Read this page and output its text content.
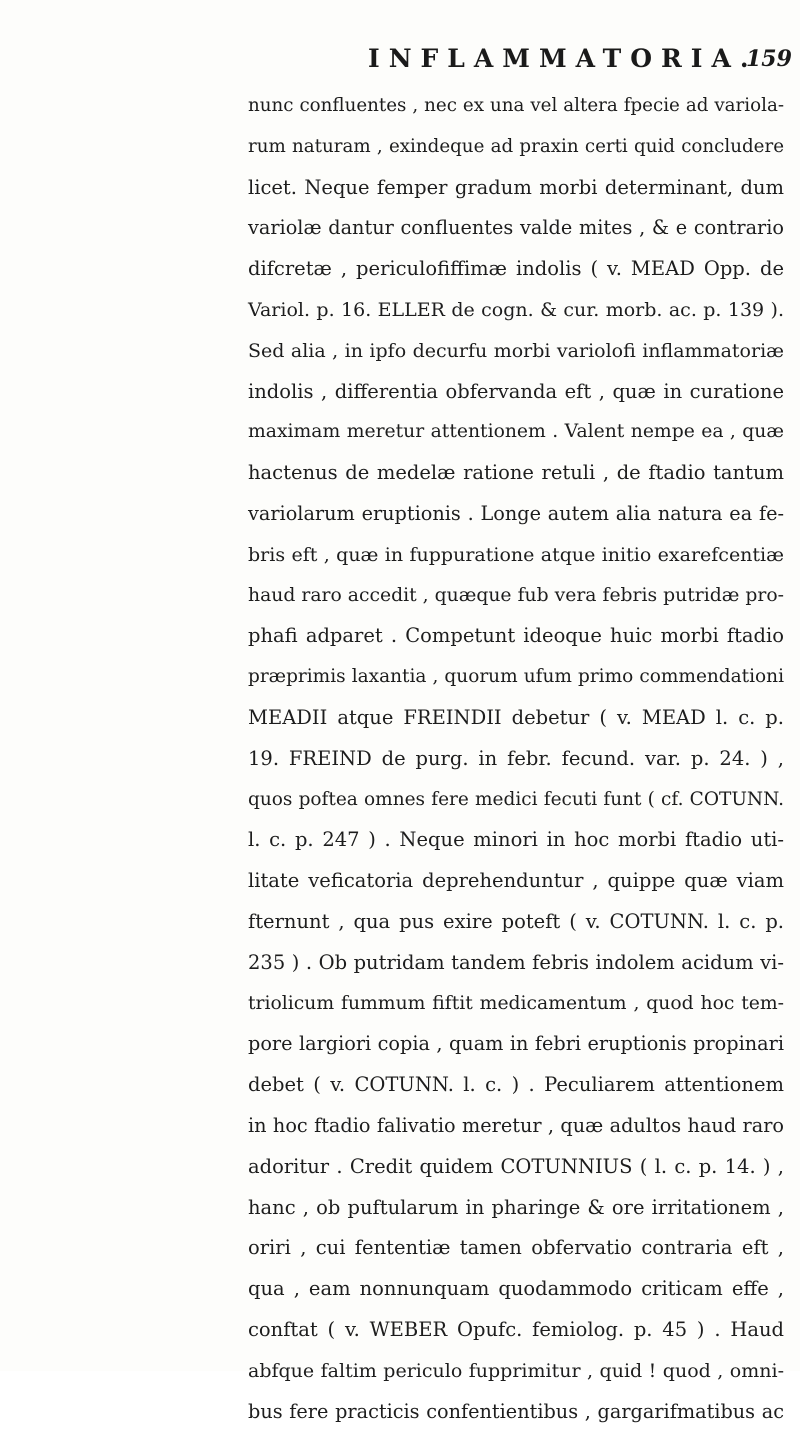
INFLAMMATORIA.
159
nunc confluentes , nec ex una vel altera fpecie ad variola-
rum naturam , exindeque ad praxin certi quid concludere
licet. Neque femper gradum morbi determinant, dum
variolæ dantur confluentes valde mites , & e contrario
difcretæ , periculofiffimæ indolis ( v. MEAD Opp. de
Variol. p. 16. ELLER de cogn. & cur. morb. ac. p. 139 ).
Sed alia , in ipfo decurfu morbi variolofi inflammatoriæ
indolis , differentia obfervanda eft , quæ in curatione
maximam meretur attentionem . Valent nempe ea , quæ
hactenus de medelæ ratione retuli , de ftadio tantum
variolarum eruptionis . Longe autem alia natura ea fe-
bris eft , quæ in fuppuratione atque initio exarefcentiæ
haud raro accedit , quæque fub vera febris putridæ pro-
phafi adparet . Competunt ideoque huic morbi ftadio
præprimis laxantia , quorum ufum primo commendationi
MEADII atque FREINDII debetur ( v. MEAD l. c. p.
19. FREIND de purg. in febr. fecund. var. p. 24. ) ,
quos poftea omnes fere medici fecuti funt ( cf. COTUNN.
l. c. p. 247 ) . Neque minori in hoc morbi ftadio uti-
litate veficatoria deprehenduntur , quippe quæ viam
fternunt , qua pus exire poteft ( v. COTUNN. l. c. p.
235 ) . Ob putridam tandem febris indolem acidum vi-
triolicum fummum fiftit medicamentum , quod hoc tem-
pore largiori copia , quam in febri eruptionis propinari
debet ( v. COTUNN. l. c. ) . Peculiarem attentionem
in hoc ftadio falivatio meretur , quæ adultos haud raro
adoritur . Credit quidem COTUNNIUS ( l. c. p. 14. ) ,
hanc , ob puftularum in pharinge & ore irritationem ,
oriri , cui fententiæ tamen obfervatio contraria eft ,
qua , eam nonnunquam quodammodo criticam effe ,
conftat ( v. WEBER Opufc. femiolog. p. 45 ) . Haud
abfque faltim periculo fupprimitur , quid ! quod , omni-
bus fere practicis confentientibus , gargarifmatibus ac
